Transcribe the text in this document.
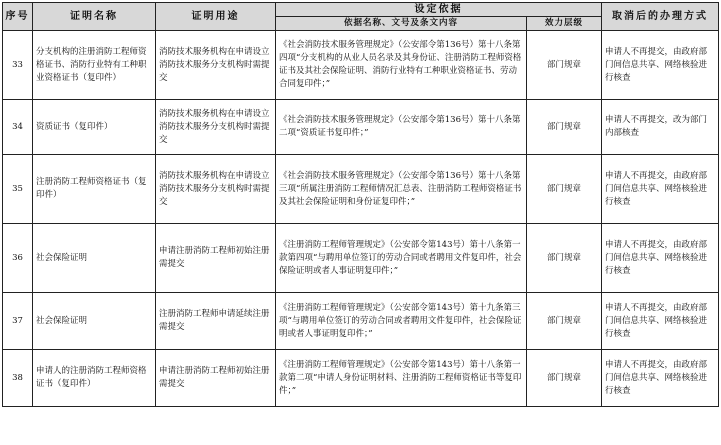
序号	证明名称	证明用途	设定依据		取消后的办理方式
			依据名称、文号及条文内容	效力层级	
33	分支机构的注册消防工程师资格证书、消防行业特有工种职业资格证书（复印件）	消防技术服务机构在申请设立消防技术服务分支机构时需提交	《社会消防技术服务管理规定》（公安部令第136号）第十八条第四项“分支机构的从业人员名录及其身份证、注册消防工程师资格证书及其社会保险证明、消防行业特有工种职业资格证书、劳动合同复印件；”	部门规章	申请人不再提交，由政府部门间信息共享、网络核验进行核查
34	资质证书（复印件）	消防技术服务机构在申请设立消防技术服务分支机构时需提交	《社会消防技术服务管理规定》（公安部令第136号）第十八条第二项“资质证书复印件；”	部门规章	申请人不再提交，改为部门内部核查
35	注册消防工程师资格证书（复印件）	消防技术服务机构在申请设立消防技术服务分支机构时需提交	《社会消防技术服务管理规定》（公安部令第136号）第十八条第三项“所属注册消防工程师情况汇总表、注册消防工程师资格证书及其社会保险证明和身份证复印件；”	部门规章	申请人不再提交，由政府部门间信息共享、网络核验进行核查
36	社会保险证明	申请注册消防工程师初始注册需提交	《注册消防工程师管理规定》（公安部令第143号）第十八条第一款第四项“与聘用单位签订的劳动合同或者聘用文件复印件，社会保险证明或者人事证明复印件；”	部门规章	申请人不再提交，由政府部门间信息共享、网络核验进行核查
37	社会保险证明	注册消防工程师申请延续注册需提交	《注册消防工程师管理规定》（公安部令第143号）第十九条第三项“与聘用单位签订的劳动合同或者聘用文件复印件，社会保险证明或者人事证明复印件；”	部门规章	申请人不再提交，由政府部门间信息共享、网络核验进行核查
38	申请人的注册消防工程师资格证书（复印件）	申请注册消防工程师初始注册需提交	《注册消防工程师管理规定》（公安部令第143号）第十八条第一款第二项“申请人身份证明材料、注册消防工程师资格证书等复印件；”	部门规章	申请人不再提交，由政府部门间信息共享、网络核验进行核查
